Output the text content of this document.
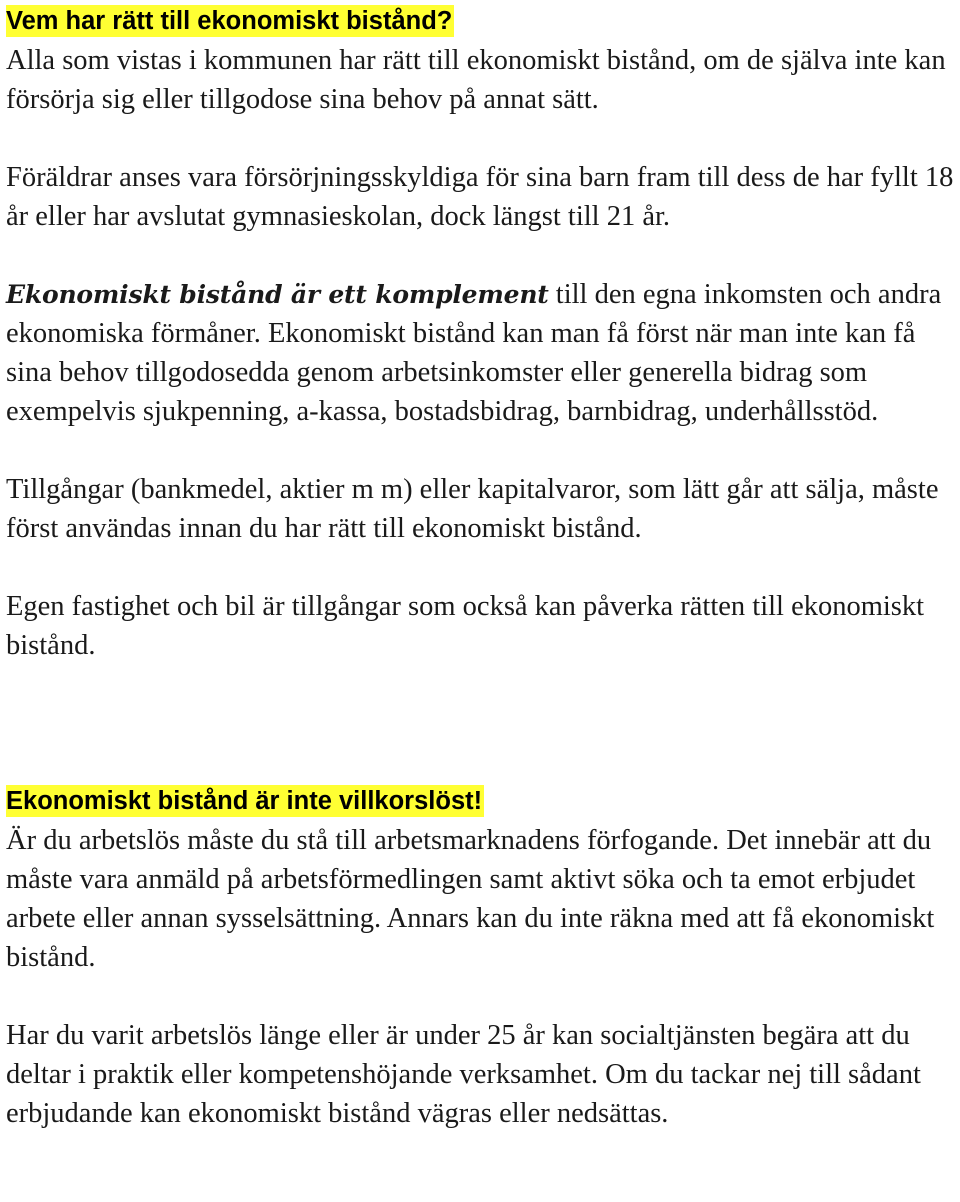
Vem har rätt till ekonomiskt bistånd?

Alla som vistas i kommunen har rätt till ekonomiskt bistånd, om de själva inte kan försörja sig eller tillgodose sina behov på annat sätt.

Föräldrar anses vara försörjningsskyldiga för sina barn fram till dess de har fyllt 18 år eller har avslutat gymnasieskolan, dock längst till 21 år.

Ekonomiskt bistånd är ett komplement till den egna inkomsten och andra ekonomiska förmåner. Ekonomiskt bistånd kan man få först när man inte kan få sina behov tillgodosedda genom arbetsinkomster eller generella bidrag som exempelvis sjukpenning, a-kassa, bostadsbidrag, barnbidrag, underhållsstöd.

Tillgångar (bankmedel, aktier m m) eller kapitalvaror, som lätt går att sälja, måste först användas innan du har rätt till ekonomiskt bistånd.

Egen fastighet och bil är tillgångar som också kan påverka rätten till ekonomiskt bistånd.

Ekonomiskt bistånd är inte villkorslöst!

Är du arbetslös måste du stå till arbetsmarknadens förfogande. Det innebär att du måste vara anmäld på arbetsförmedlingen samt aktivt söka och ta emot erbjudet arbete eller annan sysselsättning. Annars kan du inte räkna med att få ekonomiskt bistånd.

Har du varit arbetslös länge eller är under 25 år kan socialtjänsten begära att du deltar i praktik eller kompetenshöjande verksamhet. Om du tackar nej till sådant erbjudande kan ekonomiskt bistånd vägras eller nedsättas.
